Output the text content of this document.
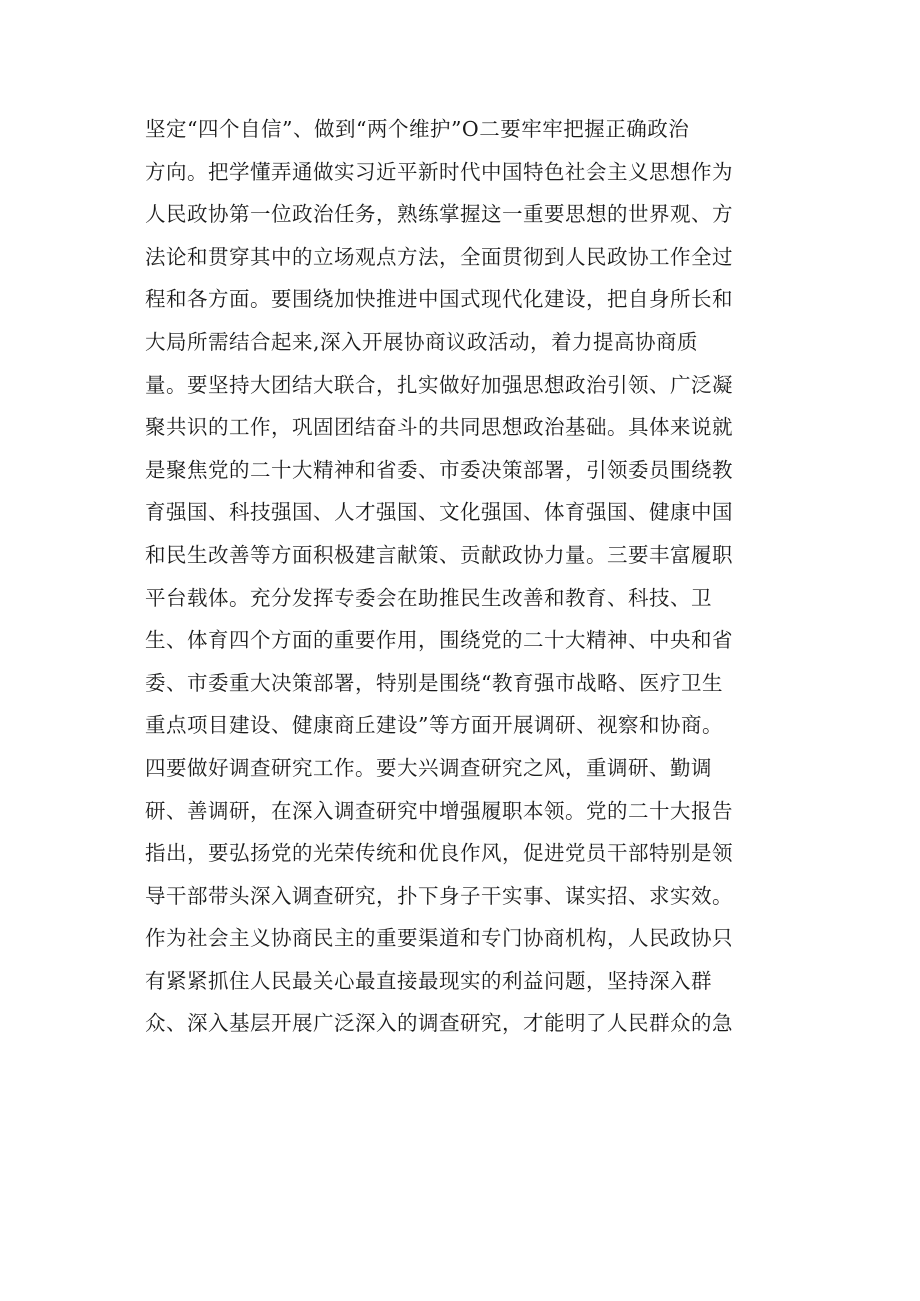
坚定“四个自信”、做到“两个维护”O二要牢牢把握正确政治
方向。把学懂弄通做实习近平新时代中国特色社会主义思想作为
人民政协第一位政治任务，熟练掌握这一重要思想的世界观、方
法论和贯穿其中的立场观点方法，全面贯彻到人民政协工作全过
程和各方面。要围绕加快推进中国式现代化建设，把自身所长和
大局所需结合起来,深入开展协商议政活动，着力提高协商质
量。要坚持大团结大联合，扎实做好加强思想政治引领、广泛凝
聚共识的工作，巩固团结奋斗的共同思想政治基础。具体来说就
是聚焦党的二十大精神和省委、市委决策部署，引领委员围绕教
育强国、科技强国、人才强国、文化强国、体育强国、健康中国
和民生改善等方面积极建言献策、贡献政协力量。三要丰富履职
平台载体。充分发挥专委会在助推民生改善和教育、科技、卫
生、体育四个方面的重要作用，围绕党的二十大精神、中央和省
委、市委重大决策部署，特别是围绕“教育强市战略、医疗卫生
重点项目建设、健康商丘建设”等方面开展调研、视察和协商。
四要做好调查研究工作。要大兴调查研究之风，重调研、勤调
研、善调研，在深入调查研究中增强履职本领。党的二十大报告
指出，要弘扬党的光荣传统和优良作风，促进党员干部特别是领
导干部带头深入调查研究，扑下身子干实事、谋实招、求实效。
作为社会主义协商民主的重要渠道和专门协商机构，人民政协只
有紧紧抓住人民最关心最直接最现实的利益问题，坚持深入群
众、深入基层开展广泛深入的调查研究，才能明了人民群众的急
